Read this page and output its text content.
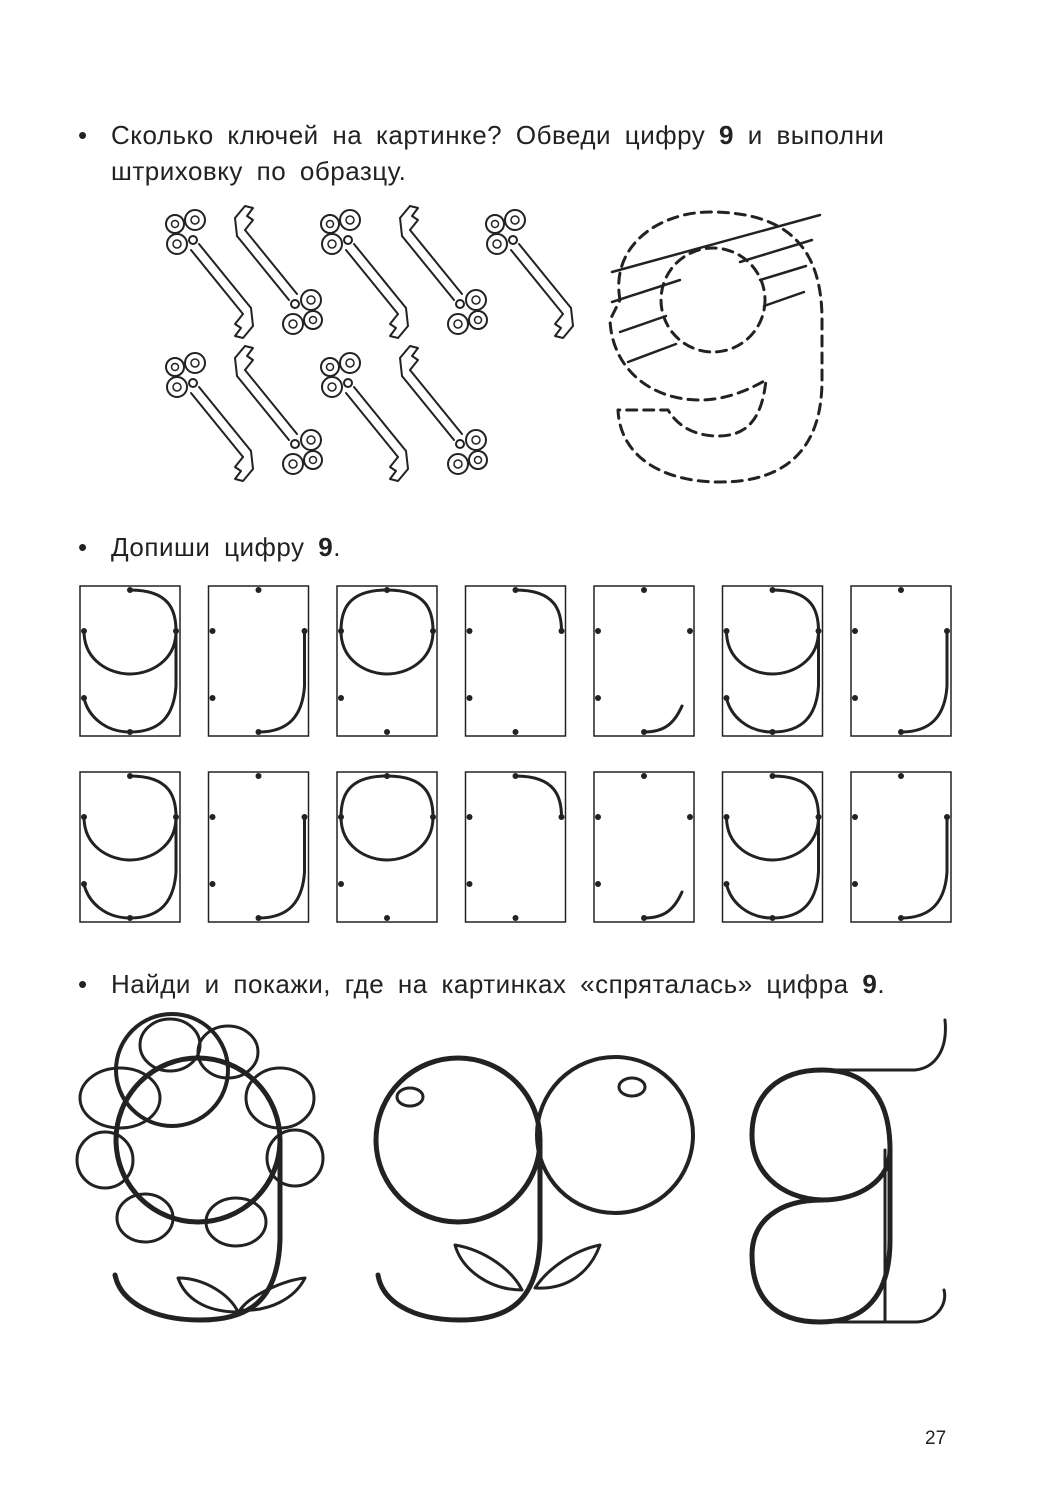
• Сколько ключей на картинке? Обведи цифру 9 и выполни штриховку по образцу.
• Допиши цифру 9.
• Найди и покажи, где на картинках «спряталась» цифра 9.
27
